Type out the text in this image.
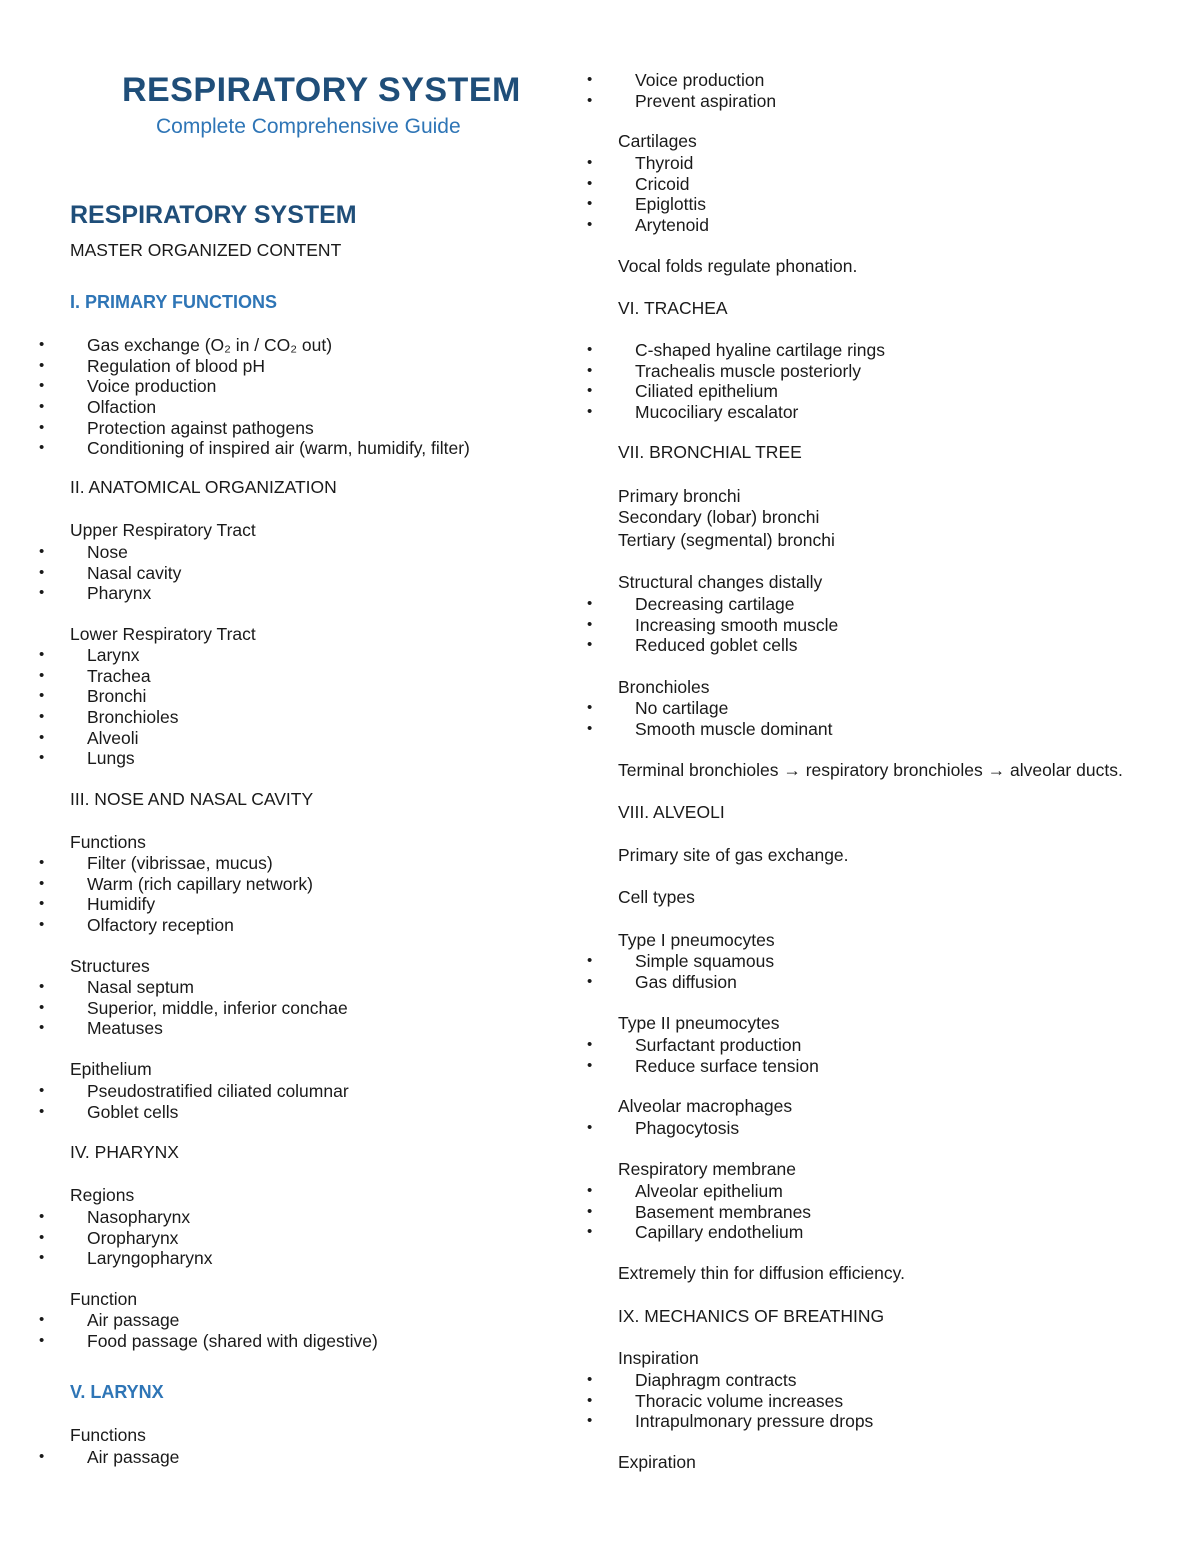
RESPIRATORY SYSTEM
Complete Comprehensive Guide
RESPIRATORY SYSTEM
MASTER ORGANIZED CONTENT
I. PRIMARY FUNCTIONS
• Gas exchange (O₂ in / CO₂ out)
• Regulation of blood pH
• Voice production
• Olfaction
• Protection against pathogens
• Conditioning of inspired air (warm, humidify, filter)
II. ANATOMICAL ORGANIZATION
Upper Respiratory Tract
• Nose
• Nasal cavity
• Pharynx
Lower Respiratory Tract
• Larynx
• Trachea
• Bronchi
• Bronchioles
• Alveoli
• Lungs
III. NOSE AND NASAL CAVITY
Functions
• Filter (vibrissae, mucus)
• Warm (rich capillary network)
• Humidify
• Olfactory reception
Structures
• Nasal septum
• Superior, middle, inferior conchae
• Meatuses
Epithelium
• Pseudostratified ciliated columnar
• Goblet cells
IV. PHARYNX
Regions
• Nasopharynx
• Oropharynx
• Laryngopharynx
Function
• Air passage
• Food passage (shared with digestive)
V. LARYNX
Functions
• Air passage
• Voice production
• Prevent aspiration
Cartilages
• Thyroid
• Cricoid
• Epiglottis
• Arytenoid
Vocal folds regulate phonation.
VI. TRACHEA
• C-shaped hyaline cartilage rings
• Trachealis muscle posteriorly
• Ciliated epithelium
• Mucociliary escalator
VII. BRONCHIAL TREE
Primary bronchi
Secondary (lobar) bronchi
Tertiary (segmental) bronchi
Structural changes distally
• Decreasing cartilage
• Increasing smooth muscle
• Reduced goblet cells
Bronchioles
• No cartilage
• Smooth muscle dominant
Terminal bronchioles → respiratory bronchioles → alveolar ducts.
VIII. ALVEOLI
Primary site of gas exchange.
Cell types
Type I pneumocytes
• Simple squamous
• Gas diffusion
Type II pneumocytes
• Surfactant production
• Reduce surface tension
Alveolar macrophages
• Phagocytosis
Respiratory membrane
• Alveolar epithelium
• Basement membranes
• Capillary endothelium
Extremely thin for diffusion efficiency.
IX. MECHANICS OF BREATHING
Inspiration
• Diaphragm contracts
• Thoracic volume increases
• Intrapulmonary pressure drops
Expiration
